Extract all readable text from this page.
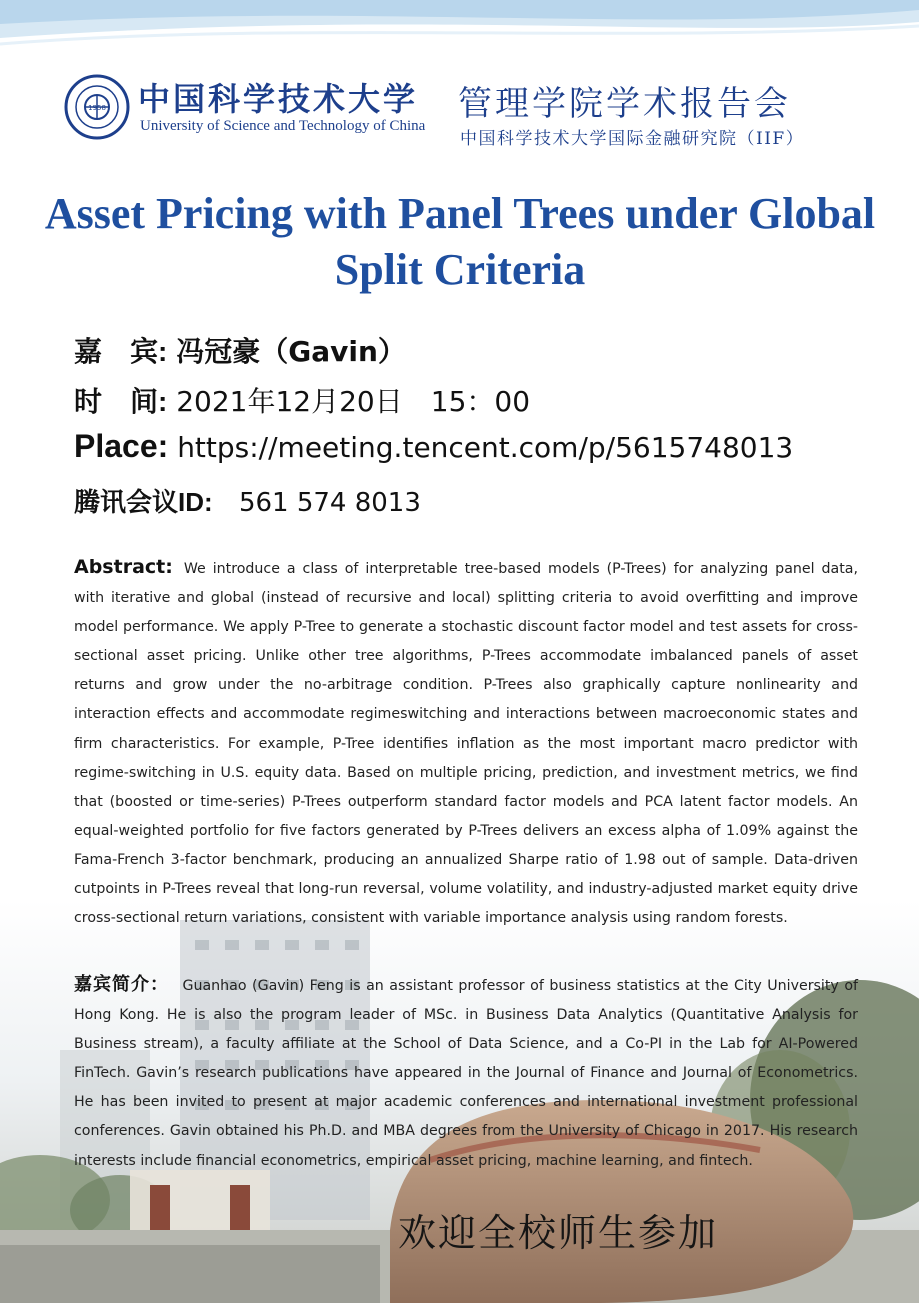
1958 中国科学技术大学
University of Science and Technology of China
管理学院学术报告会
中国科学技术大学国际金融研究院（IIF）
Asset Pricing with Panel Trees under Global Split Criteria
嘉　宾: 冯冠豪（Gavin）
时　间: 2021年12月20日　15：00
Place: https://meeting.tencent.com/p/5615748013
腾讯会议ID: 561 574 8013
Abstract: We introduce a class of interpretable tree-based models (P-Trees) for analyzing panel data, with iterative and global (instead of recursive and local) splitting criteria to avoid overfitting and improve model performance. We apply P-Tree to generate a stochastic discount factor model and test assets for cross-sectional asset pricing. Unlike other tree algorithms, P-Trees accommodate imbalanced panels of asset returns and grow under the no-arbitrage condition. P-Trees also graphically capture nonlinearity and interaction effects and accommodate regimeswitching and interactions between macroeconomic states and firm characteristics. For example, P-Tree identifies inflation as the most important macro predictor with regime-switching in U.S. equity data. Based on multiple pricing, prediction, and investment metrics, we find that (boosted or time-series) P-Trees outperform standard factor models and PCA latent factor models. An equal-weighted portfolio for five factors generated by P-Trees delivers an excess alpha of 1.09% against the Fama-French 3-factor benchmark, producing an annualized Sharpe ratio of 1.98 out of sample. Data-driven cutpoints in P-Trees reveal that long-run reversal, volume volatility, and industry-adjusted market equity drive cross-sectional return variations, consistent with variable importance analysis using random forests.
嘉宾简介： Guanhao (Gavin) Feng is an assistant professor of business statistics at the City University of Hong Kong. He is also the program leader of MSc. in Business Data Analytics (Quantitative Analysis for Business stream), a faculty affiliate at the School of Data Science, and a Co-PI in the Lab for AI-Powered FinTech. Gavin’s research publications have appeared in the Journal of Finance and Journal of Econometrics. He has been invited to present at major academic conferences and international investment professional conferences. Gavin obtained his Ph.D. and MBA degrees from the University of Chicago in 2017. His research interests include financial econometrics, empirical asset pricing, machine learning, and fintech.
欢迎全校师生参加
